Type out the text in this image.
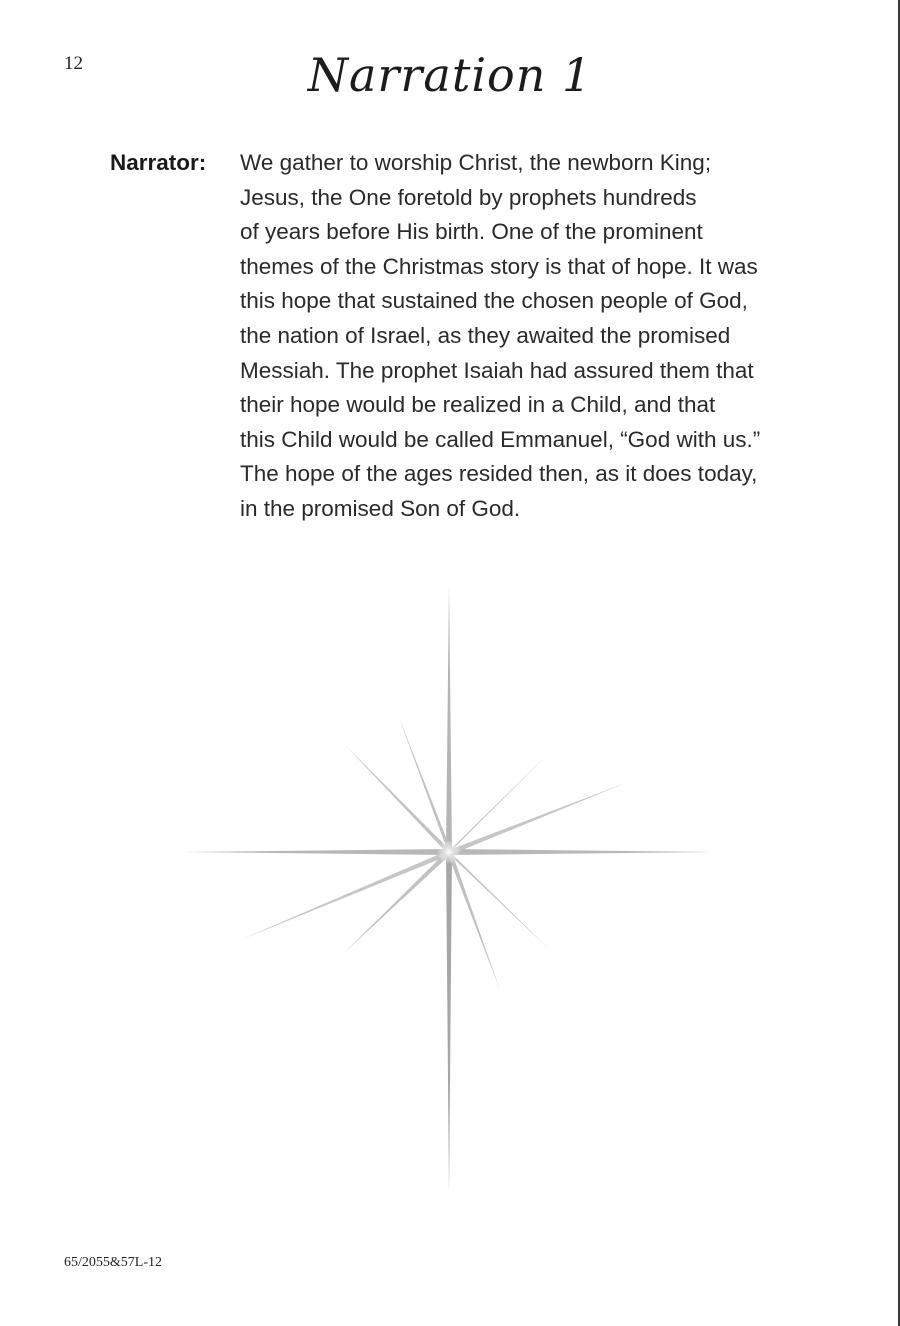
12	Narration 1
Narrator: We gather to worship Christ, the newborn King;
Jesus, the One foretold by prophets hundreds
of years before His birth. One of the prominent
themes of the Christmas story is that of hope. It was
this hope that sustained the chosen people of God,
the nation of Israel, as they awaited the promised
Messiah. The prophet Isaiah had assured them that
their hope would be realized in a Child, and that
this Child would be called Emmanuel, “God with us.”
The hope of the ages resided then, as it does today,
in the promised Son of God.
65/2055&57L-12
